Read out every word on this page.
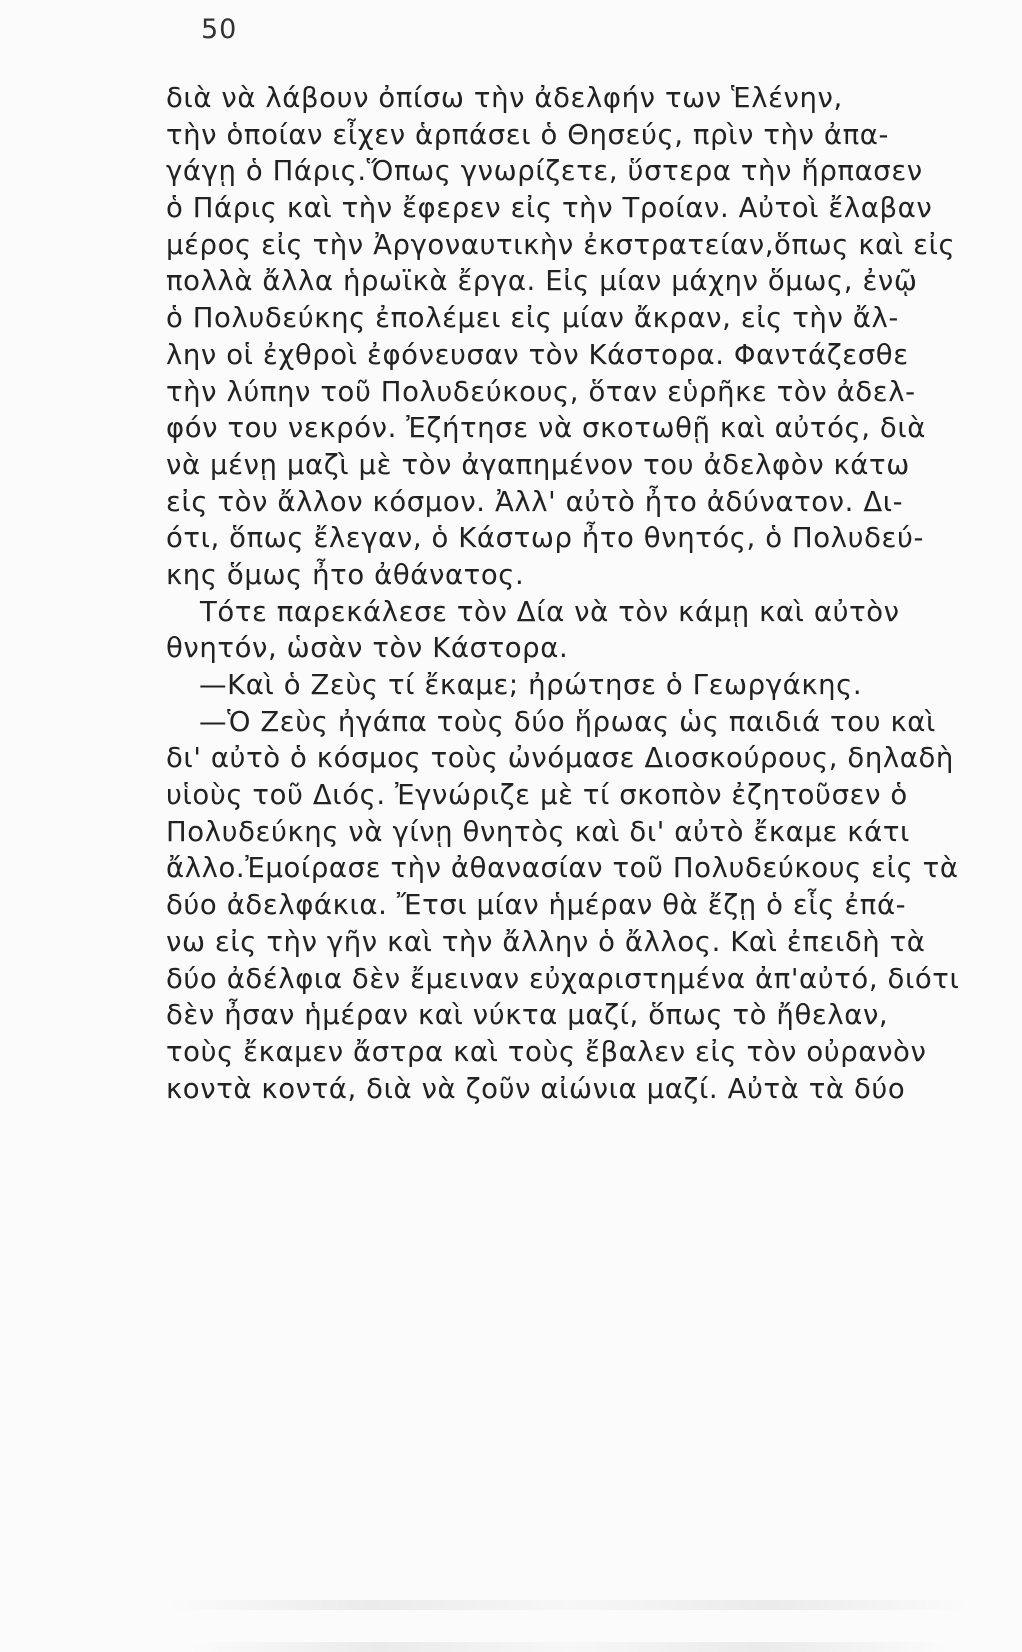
50
διὰ νὰ λάβουν ὀπίσω τὴν ἀδελφήν των Ἑλένην,
τὴν ὁποίαν εἶχεν ἁρπάσει ὁ Θησεύς, πρὶν τὴν ἀπα-
γάγῃ ὁ Πάρις.Ὅπως γνωρίζετε, ὕστερα τὴν ἥρπασεν
ὁ Πάρις καὶ τὴν ἔφερεν εἰς τὴν Τροίαν. Αὐτοὶ ἔλαβαν
μέρος εἰς τὴν Ἀργοναυτικὴν ἐκστρατείαν,ὅπως καὶ εἰς
πολλὰ ἄλλα ἡρωϊκὰ ἔργα. Εἰς μίαν μάχην ὅμως, ἐνῷ
ὁ Πολυδεύκης ἐπολέμει εἰς μίαν ἄκραν, εἰς τὴν ἄλ-
λην οἱ ἐχθροὶ ἐφόνευσαν τὸν Κάστορα. Φαντάζεσθε
τὴν λύπην τοῦ Πολυδεύκους, ὅταν εὑρῆκε τὸν ἀδελ-
φόν του νεκρόν. Ἐζήτησε νὰ σκοτωθῇ καὶ αὐτός, διὰ
νὰ μένῃ μαζὶ μὲ τὸν ἀγαπημένον του ἀδελφὸν κάτω
εἰς τὸν ἄλλον κόσμον. Ἀλλ' αὐτὸ ἦτο ἀδύνατον. Δι-
ότι, ὅπως ἔλεγαν, ὁ Κάστωρ ἦτο θνητός, ὁ Πολυδεύ-
κης ὅμως ἦτο ἀθάνατος.
Τότε παρεκάλεσε τὸν Δία νὰ τὸν κάμῃ καὶ αὐτὸν
θνητόν, ὡσὰν τὸν Κάστορα.
—Καὶ ὁ Ζεὺς τί ἔκαμε; ἠρώτησε ὁ Γεωργάκης.
—Ὁ Ζεὺς ἠγάπα τοὺς δύο ἥρωας ὡς παιδιά του καὶ
δι' αὐτὸ ὁ κόσμος τοὺς ὠνόμασε Διοσκούρους, δηλαδὴ
υἱοὺς τοῦ Διός. Ἐγνώριζε μὲ τί σκοπὸν ἐζητοῦσεν ὁ
Πολυδεύκης νὰ γίνῃ θνητὸς καὶ δι' αὐτὸ ἔκαμε κάτι
ἄλλο.Ἐμοίρασε τὴν ἀθανασίαν τοῦ Πολυδεύκους εἰς τὰ
δύο ἀδελφάκια. Ἔτσι μίαν ἡμέραν θὰ ἔζῃ ὁ εἷς ἐπά-
νω εἰς τὴν γῆν καὶ τὴν ἄλλην ὁ ἄλλος. Καὶ ἐπειδὴ τὰ
δύο ἀδέλφια δὲν ἔμειναν εὐχαριστημένα ἀπ'αὐτό, διότι
δὲν ἦσαν ἡμέραν καὶ νύκτα μαζί, ὅπως τὸ ἤθελαν,
τοὺς ἔκαμεν ἄστρα καὶ τοὺς ἔβαλεν εἰς τὸν οὐρανὸν
κοντὰ κοντά, διὰ νὰ ζοῦν αἰώνια μαζί. Αὐτὰ τὰ δύο
